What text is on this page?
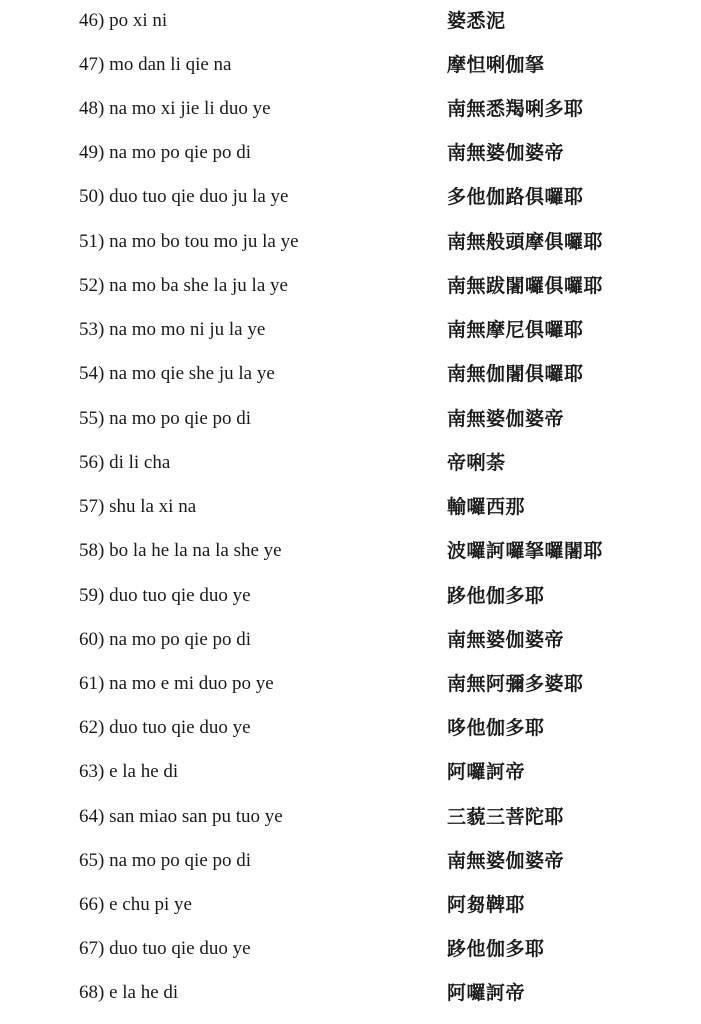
46) po xi ni	婆悉泥
47) mo dan li qie na	摩怛唎伽拏
48) na mo xi jie li duo ye	南無悉羯唎多耶
49) na mo po qie po di	南無婆伽婆帝
50) duo tuo qie duo ju la ye	多他伽路俱囉耶
51) na mo bo tou mo ju la ye	南無般頭摩俱囉耶
52) na mo ba she la ju la ye	南無跋闍囉俱囉耶
53) na mo mo ni ju la ye	南無摩尼俱囉耶
54) na mo qie she ju la ye	南無伽闍俱囉耶
55) na mo po qie po di	南無婆伽婆帝
56) di li cha	帝唎荼
57) shu la xi na	輸囉西那
58) bo la he la na la she ye	波囉訶囉拏囉闍耶
59) duo tuo qie duo ye	跢他伽多耶
60) na mo po qie po di	南無婆伽婆帝
61) na mo e mi duo po ye	南無阿彌多婆耶
62) duo tuo qie duo ye	哆他伽多耶
63) e la he di	阿囉訶帝
64) san miao san pu tuo ye	三藐三菩陀耶
65) na mo po qie po di	南無婆伽婆帝
66) e chu pi ye	阿芻鞞耶
67) duo tuo qie duo ye	跢他伽多耶
68) e la he di	阿囉訶帝
